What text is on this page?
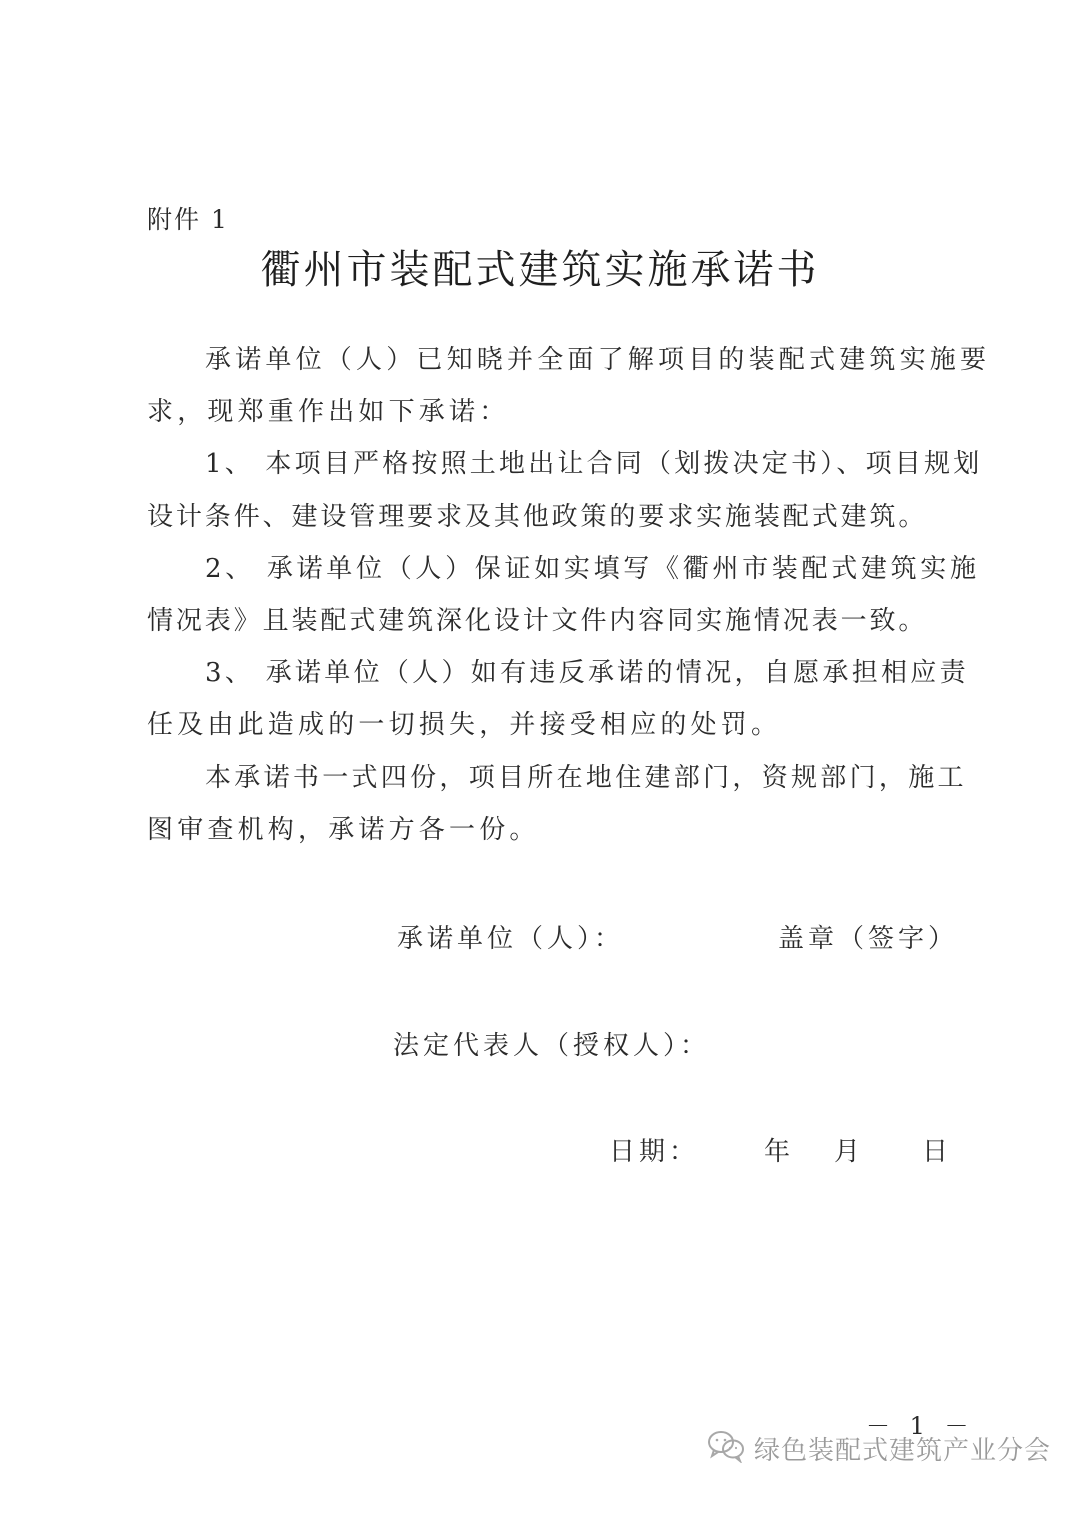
附件 1
衢州市装配式建筑实施承诺书
承诺单位（人）已知晓并全面了解项目的装配式建筑实施要
求，现郑重作出如下承诺：
1、 本项目严格按照土地出让合同（划拨决定书）、项目规划
设计条件、建设管理要求及其他政策的要求实施装配式建筑。
2、 承诺单位（人）保证如实填写《衢州市装配式建筑实施
情况表》且装配式建筑深化设计文件内容同实施情况表一致。
3、 承诺单位（人）如有违反承诺的情况，自愿承担相应责
任及由此造成的一切损失，并接受相应的处罚。
本承诺书一式四份，项目所在地住建部门，资规部门，施工
图审查机构，承诺方各一份。
承诺单位（人）：	盖章（签字）
法定代表人（授权人）：
日期： 年 月 日
－ 1 －
绿色装配式建筑产业分会
